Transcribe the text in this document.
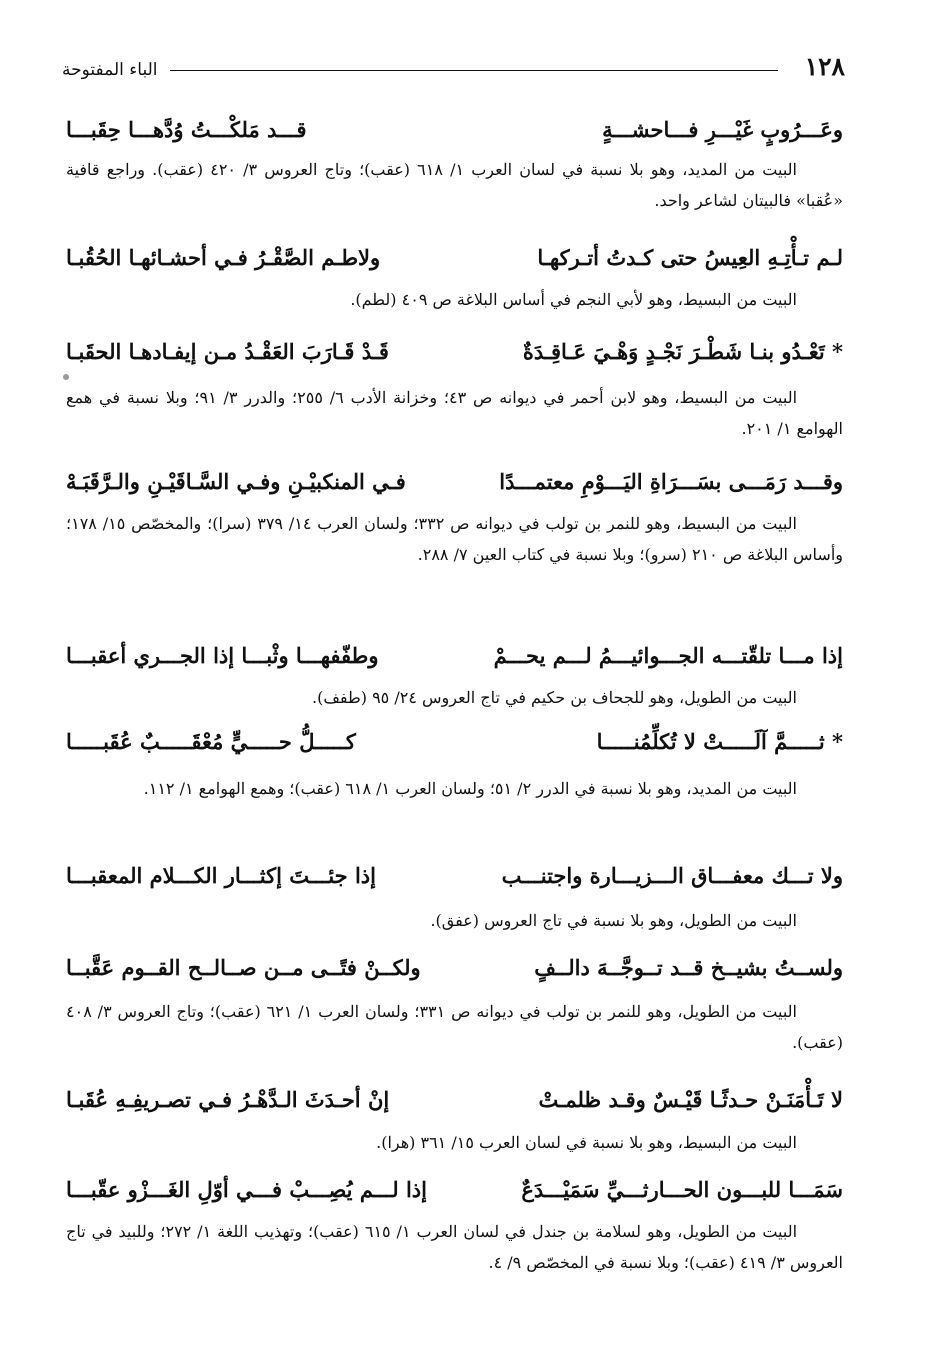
١٢٨
الباء المفتوحة
وعَـــرُوبٍ غَيْـــرِ فـــاحشـــةٍ
قـــد مَلكْـــتُ وُدَّهـــا حِقَبـــا
البيت من المديد، وهو بلا نسبة في لسان العرب ١/ ٦١٨ (عقب)؛ وتاج العروس ٣/ ٤٢٠ (عقب). وراجع قافية «عُقبا» فالبيتان لشاعر واحد.
لـم تـأْتِـهِ العِيسُ حتى كـدتُ أتـركهـا
ولاطـم الصَّقْـرُ فـي أحشـائهـا الحُقُبـا
البيت من البسيط، وهو لأبي النجم في أساس البلاغة ص ٤٠٩ (لطم).
* تَعْـدُو بنـا شَطْـرَ نَجْـدٍ وَهْـيَ عَـاقِـدَةٌ
قَـدْ قَـارَبَ العَقْـدُ مـن إيفـادهـا الحقَبـا
البيت من البسيط، وهو لابن أحمر في ديوانه ص ٤٣؛ وخزانة الأدب ٦/ ٢٥٥؛ والدرر ٣/ ٩١؛ وبلا نسبة في همع الهوامع ١/ ٢٠١.
وقـــد رَمَـــى بسَـــرَاةِ اليَـــوْمِ معتمـــدًا
فـي المنكبيْـنِ وفـي السَّـاقَيْـنِ والـرَّقَبَـهْ
البيت من البسيط، وهو للنمر بن تولب في ديوانه ص ٣٣٢؛ ولسان العرب ١٤/ ٣٧٩ (سرا)؛ والمخصّص ١٥/ ١٧٨؛ وأساس البلاغة ص ٢١٠ (سرو)؛ وبلا نسبة في كتاب العين ٧/ ٢٨٨.
إذا مـــا تلقّتـــه الجـــوائيـــمُ لـــم يحـــمْ
وطفّفهـــا وثْبـــا إذا الجـــري أعقبـــا
البيت من الطويل، وهو للجحاف بن حكيم في تاج العروس ٢٤/ ٩٥ (طفف).
* ثـــــمَّ آلَـــــتْ لا تُكلِّمُنـــــا
كـــــلُّ حـــــيٍّ مُعْقَـــــبٌ عُقَبـــــا
البيت من المديد، وهو بلا نسبة في الدرر ٢/ ٥١؛ ولسان العرب ١/ ٦١٨ (عقب)؛ وهمع الهوامع ١/ ١١٢.
ولا تـــك معفـــاق الـــزيـــارة واجتنـــب
إذا جئـــتَ إكثـــار الكـــلام المعقبـــا
البيت من الطويل، وهو بلا نسبة في تاج العروس (عفق).
ولســتُ بشيــخ قــد تــوجَّــهَ دالــفٍ
ولكــنْ فتًــى مــن صــالــح القــوم عَقَّبــا
البيت من الطويل، وهو للنمر بن تولب في ديوانه ص ٣٣١؛ ولسان العرب ١/ ٦٢١ (عقب)؛ وتاج العروس ٣/ ٤٠٨ (عقب).
لا تَـأْمَنَـنْ حـدثًـا قَيْـسٌ وقـد ظلمـتْ
إنْ أحـدَثَ الـدَّهْـرُ فـي تصـريفِـهِ عُقَبـا
البيت من البسيط، وهو بلا نسبة في لسان العرب ١٥/ ٣٦١ (هرا).
سَمَـــا للبـــون الحـــارثـــيِّ سَمَيْـــدَعٌ
إذا لـــم يُصِـــبْ فـــي أوّلِ الغَـــزْو عقّبـــا
البيت من الطويل، وهو لسلامة بن جندل في لسان العرب ١/ ٦١٥ (عقب)؛ وتهذيب اللغة ١/ ٢٧٢؛ وللبيد في تاج العروس ٣/ ٤١٩ (عقب)؛ وبلا نسبة في المخصّص ٩/ ٤.
